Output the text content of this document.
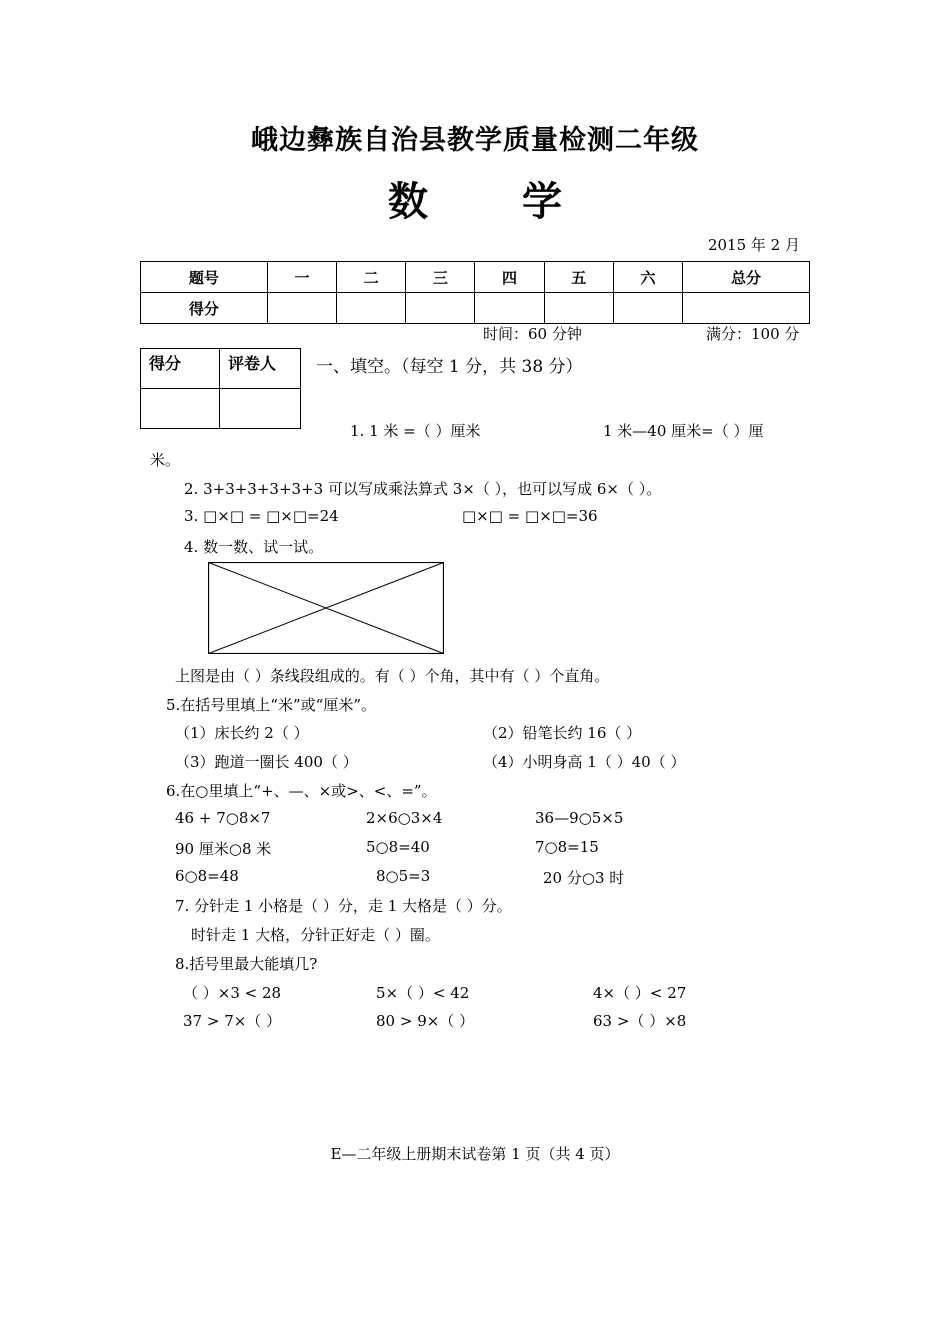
峨边彝族自治县教学质量检测二年级
数 学
2015 年 2 月
题号	一	二	三	四	五	六	总分
得分							
时间：60 分钟	满分：100 分
得分	评卷人
	一、填空。（每空 1 分，共 38 分）
1. 1 米 =（ ）厘米	1 米—40 厘米=（ ）厘
米。
2. 3+3+3+3+3+3 可以写成乘法算式 3×（ ），也可以写成 6×（ ）。
3. □×□ = □×□=24	□×□ = □×□=36
4. 数一数、试一试。
上图是由（ ）条线段组成的。有（ ）个角，其中有（ ）个直角。
5.在括号里填上“米”或“厘米”。
（1）床长约 2（ ）	（2）铅笔长约 16（ ）
（3）跑道一圈长 400（ ）	（4）小明身高 1（ ）40（ ）
6.在○里填上“+、—、×或>、<、=”。
46 + 7○8×7	2×6○3×4	36—9○5×5
90 厘米○8 米	5○8=40	7○8=15
6○8=48	8○5=3	20 分○3 时
7. 分针走 1 小格是（ ）分，走 1 大格是（ ）分。
时针走 1 大格，分针正好走（ ）圈。
8.括号里最大能填几?
（ ）×3 < 28	5×（ ）< 42	4×（ ）< 27
37 > 7×（ ）	80 > 9×（ ）	63 >（ ）×8
E—二年级上册期末试卷第 1 页（共 4 页）
